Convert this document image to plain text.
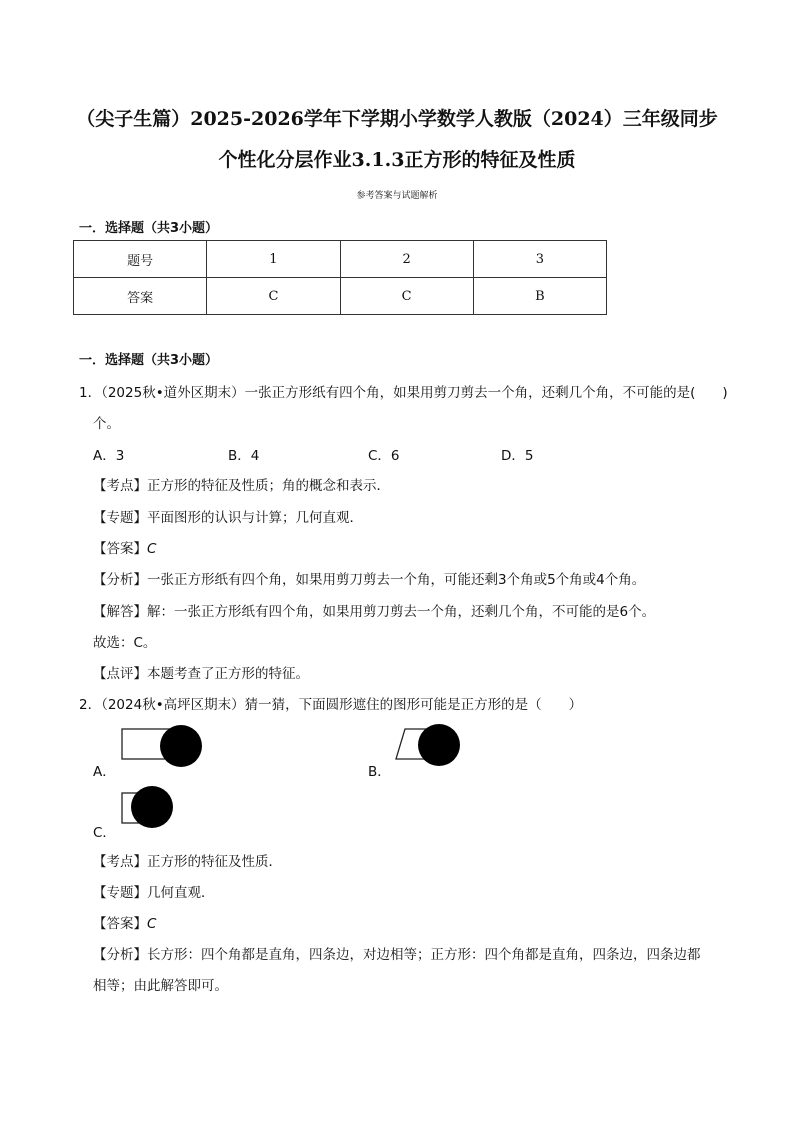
（尖子生篇）2025-2026学年下学期小学数学人教版（2024）三年级同步
个性化分层作业3.1.3正方形的特征及性质
参考答案与试题解析
一．选择题（共3小题）
题号	1	2	3
答案	C	C	B
一．选择题（共3小题）
1．（2025秋•道外区期末）一张正方形纸有四个角，如果用剪刀剪去一个角，还剩几个角，不可能的是(　　)
个。
A．3	B．4	C．6	D．5
【考点】正方形的特征及性质；角的概念和表示．
【专题】平面图形的认识与计算；几何直观．
【答案】C
【分析】一张正方形纸有四个角，如果用剪刀剪去一个角，可能还剩3个角或5个角或4个角。
【解答】解：一张正方形纸有四个角，如果用剪刀剪去一个角，还剩几个角，不可能的是6个。
故选：C。
【点评】本题考查了正方形的特征。
2．（2024秋•高坪区期末）猜一猜，下面圆形遮住的图形可能是正方形的是（　　）
A．	B．
C．
【考点】正方形的特征及性质．
【专题】几何直观．
【答案】C
【分析】长方形：四个角都是直角，四条边，对边相等；正方形：四个角都是直角，四条边，四条边都
相等；由此解答即可。
